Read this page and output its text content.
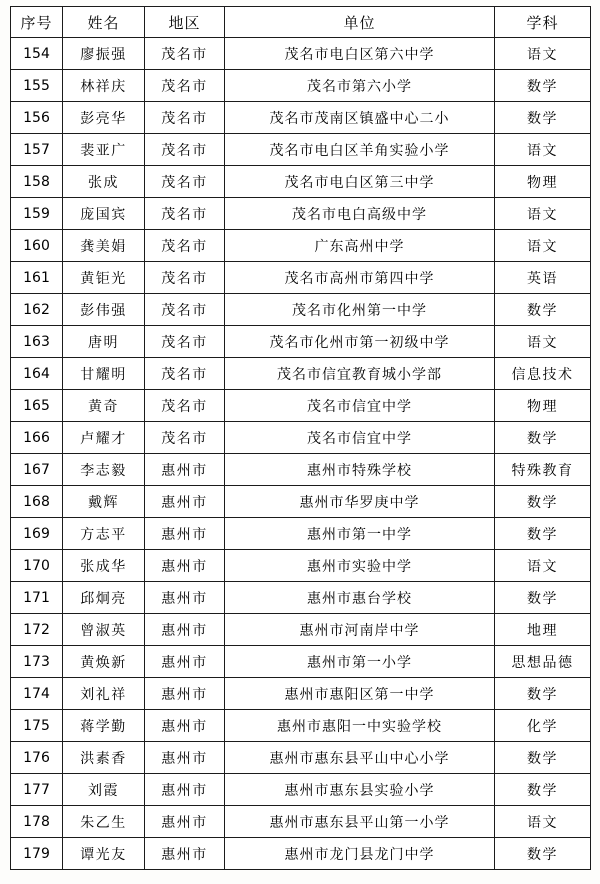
序号	姓名	地区	单位	学科
154	廖振强	茂名市	茂名市电白区第六中学	语文
155	林祥庆	茂名市	茂名市第六小学	数学
156	彭亮华	茂名市	茂名市茂南区镇盛中心二小	数学
157	裴亚广	茂名市	茂名市电白区羊角实验小学	语文
158	张成	茂名市	茂名市电白区第三中学	物理
159	庞国宾	茂名市	茂名市电白高级中学	语文
160	龚美娟	茂名市	广东高州中学	语文
161	黄钜光	茂名市	茂名市高州市第四中学	英语
162	彭伟强	茂名市	茂名市化州第一中学	数学
163	唐明	茂名市	茂名市化州市第一初级中学	语文
164	甘耀明	茂名市	茂名市信宜教育城小学部	信息技术
165	黄奇	茂名市	茂名市信宜中学	物理
166	卢耀才	茂名市	茂名市信宜中学	数学
167	李志毅	惠州市	惠州市特殊学校	特殊教育
168	戴辉	惠州市	惠州市华罗庚中学	数学
169	方志平	惠州市	惠州市第一中学	数学
170	张成华	惠州市	惠州市实验中学	语文
171	邱炯亮	惠州市	惠州市惠台学校	数学
172	曾淑英	惠州市	惠州市河南岸中学	地理
173	黄焕新	惠州市	惠州市第一小学	思想品德
174	刘礼祥	惠州市	惠州市惠阳区第一中学	数学
175	蒋学勤	惠州市	惠州市惠阳一中实验学校	化学
176	洪素香	惠州市	惠州市惠东县平山中心小学	数学
177	刘霞	惠州市	惠州市惠东县实验小学	数学
178	朱乙生	惠州市	惠州市惠东县平山第一小学	语文
179	谭光友	惠州市	惠州市龙门县龙门中学	数学
